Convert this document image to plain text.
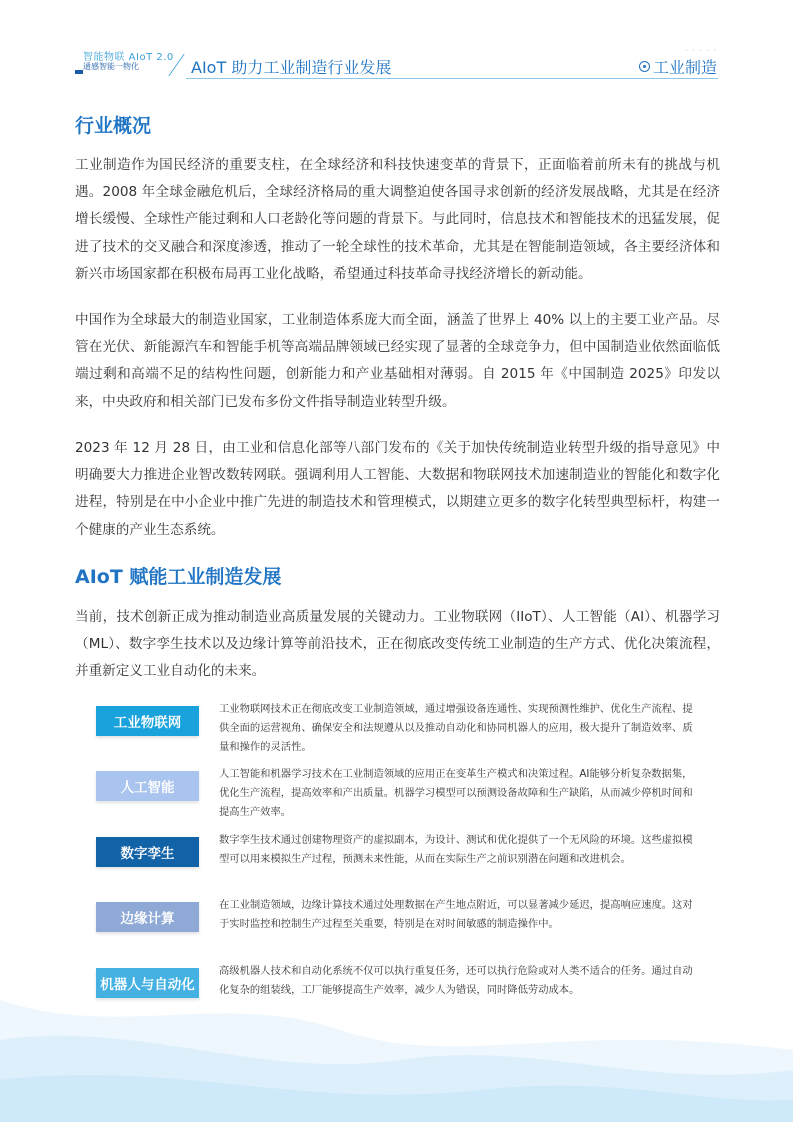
· · · · ·
智能物联 AIoT 2.0
通感智能一物化	AIoT 助力工业制造行业发展	工业制造
行业概况

工业制造作为国民经济的重要支柱，在全球经济和科技快速变革的背景下，正面临着前所未有的挑战与机遇。2008 年全球金融危机后，全球经济格局的重大调整迫使各国寻求创新的经济发展战略，尤其是在经济增长缓慢、全球性产能过剩和人口老龄化等问题的背景下。与此同时，信息技术和智能技术的迅猛发展，促进了技术的交叉融合和深度渗透，推动了一轮全球性的技术革命，尤其是在智能制造领域，各主要经济体和新兴市场国家都在积极布局再工业化战略，希望通过科技革命寻找经济增长的新动能。

中国作为全球最大的制造业国家，工业制造体系庞大而全面，涵盖了世界上 40% 以上的主要工业产品。尽管在光伏、新能源汽车和智能手机等高端品牌领域已经实现了显著的全球竞争力，但中国制造业依然面临低端过剩和高端不足的结构性问题，创新能力和产业基础相对薄弱。自 2015 年《中国制造 2025》印发以来，中央政府和相关部门已发布多份文件指导制造业转型升级。

2023 年 12 月 28 日，由工业和信息化部等八部门发布的《关于加快传统制造业转型升级的指导意见》中明确要大力推进企业智改数转网联。强调利用人工智能、大数据和物联网技术加速制造业的智能化和数字化进程，特别是在中小企业中推广先进的制造技术和管理模式，以期建立更多的数字化转型典型标杆，构建一个健康的产业生态系统。

AIoT 赋能工业制造发展

当前，技术创新正成为推动制造业高质量发展的关键动力。工业物联网（IIoT）、人工智能（AI）、机器学习（ML）、数字孪生技术以及边缘计算等前沿技术，正在彻底改变传统工业制造的生产方式、优化决策流程，并重新定义工业自动化的未来。

工业物联网
工业物联网技术正在彻底改变工业制造领域，通过增强设备连通性、实现预测性维护、优化生产流程、提供全面的运营视角、确保安全和法规遵从以及推动自动化和协同机器人的应用，极大提升了制造效率、质量和操作的灵活性。
人工智能
人工智能和机器学习技术在工业制造领域的应用正在变革生产模式和决策过程。AI能够分析复杂数据集，优化生产流程，提高效率和产出质量。机器学习模型可以预测设备故障和生产缺陷，从而减少停机时间和提高生产效率。
数字孪生
数字孪生技术通过创建物理资产的虚拟副本，为设计、测试和优化提供了一个无风险的环境。这些虚拟模型可以用来模拟生产过程，预测未来性能，从而在实际生产之前识别潜在问题和改进机会。
边缘计算
在工业制造领域，边缘计算技术通过处理数据在产生地点附近，可以显著减少延迟，提高响应速度。这对于实时监控和控制生产过程至关重要，特别是在对时间敏感的制造操作中。
机器人与自动化
高级机器人技术和自动化系统不仅可以执行重复任务，还可以执行危险或对人类不适合的任务。通过自动化复杂的组装线，工厂能够提高生产效率，减少人为错误，同时降低劳动成本。
